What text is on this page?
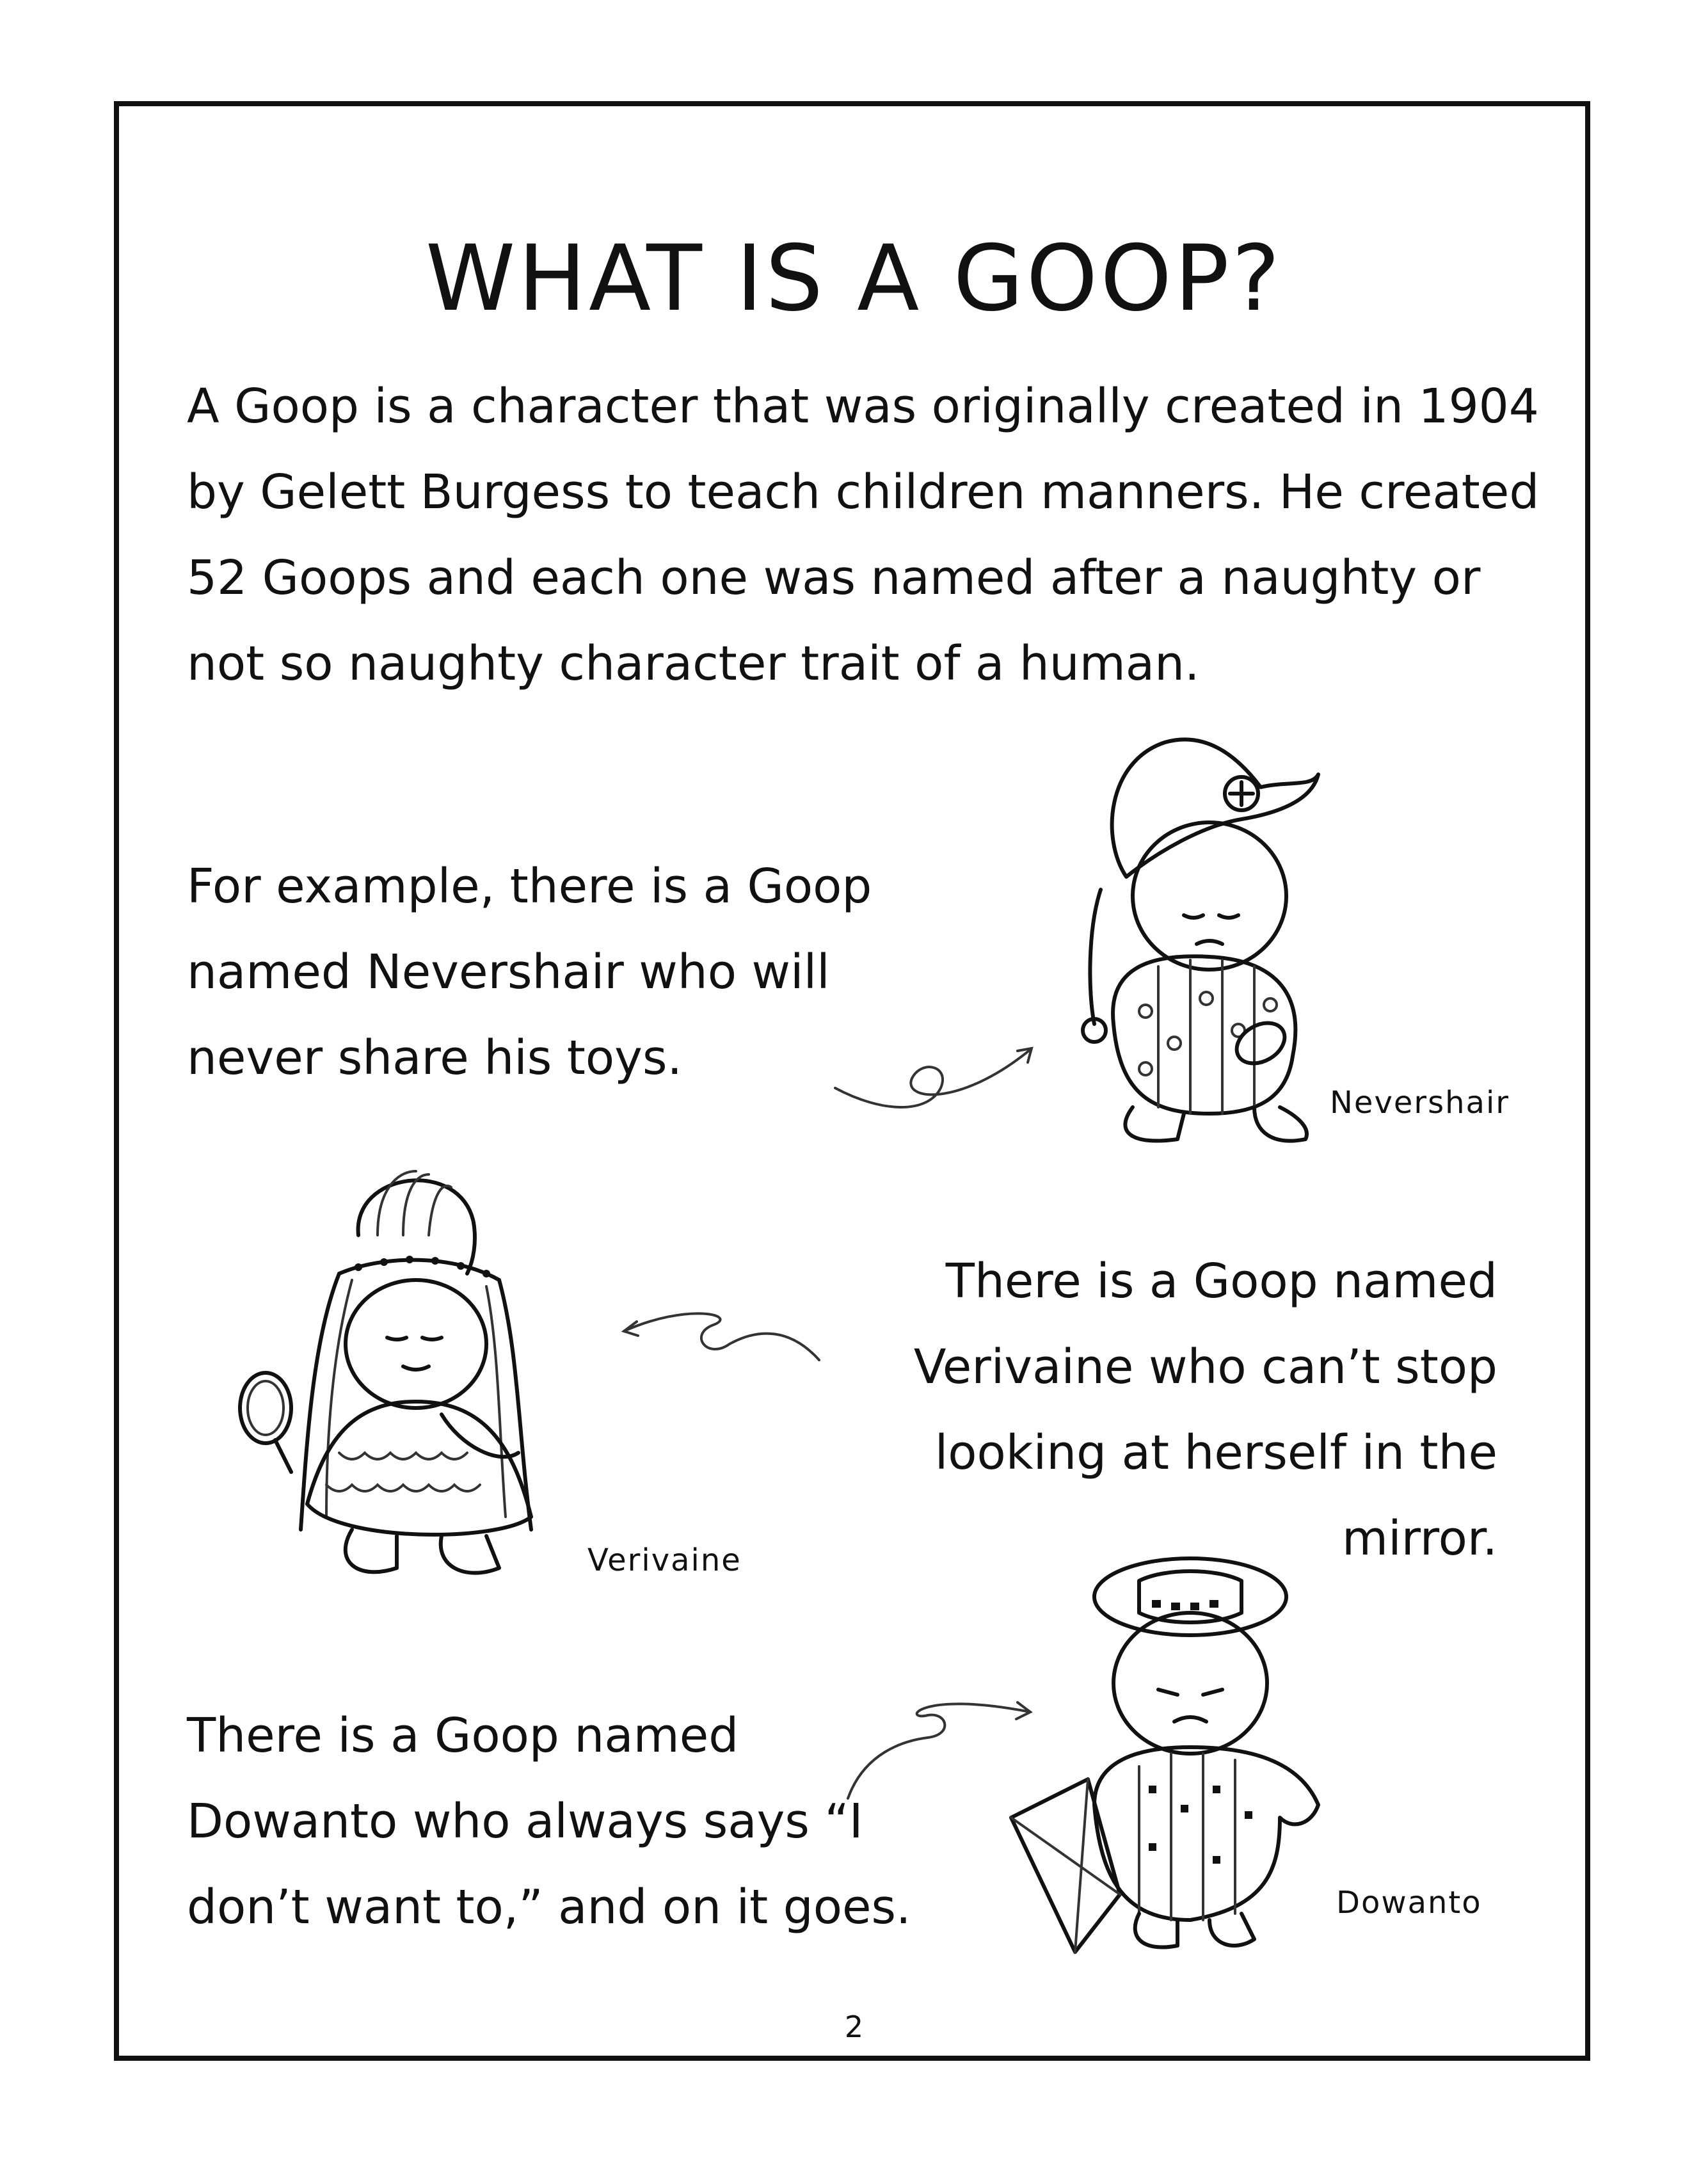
WHAT IS A GOOP?

A Goop is a character that was originally created in 1904 by Gelett Burgess to teach children manners. He created 52 Goops and each one was named after a naughty or not so naughty character trait of a human.

For example, there is a Goop named Nevershair who will never share his toys.

There is a Goop named Verivaine who can’t stop looking at herself in the mirror.

There is a Goop named Dowanto who always says “I don’t want to,” and on it goes.

Nevershair
Verivaine
Dowanto
2
